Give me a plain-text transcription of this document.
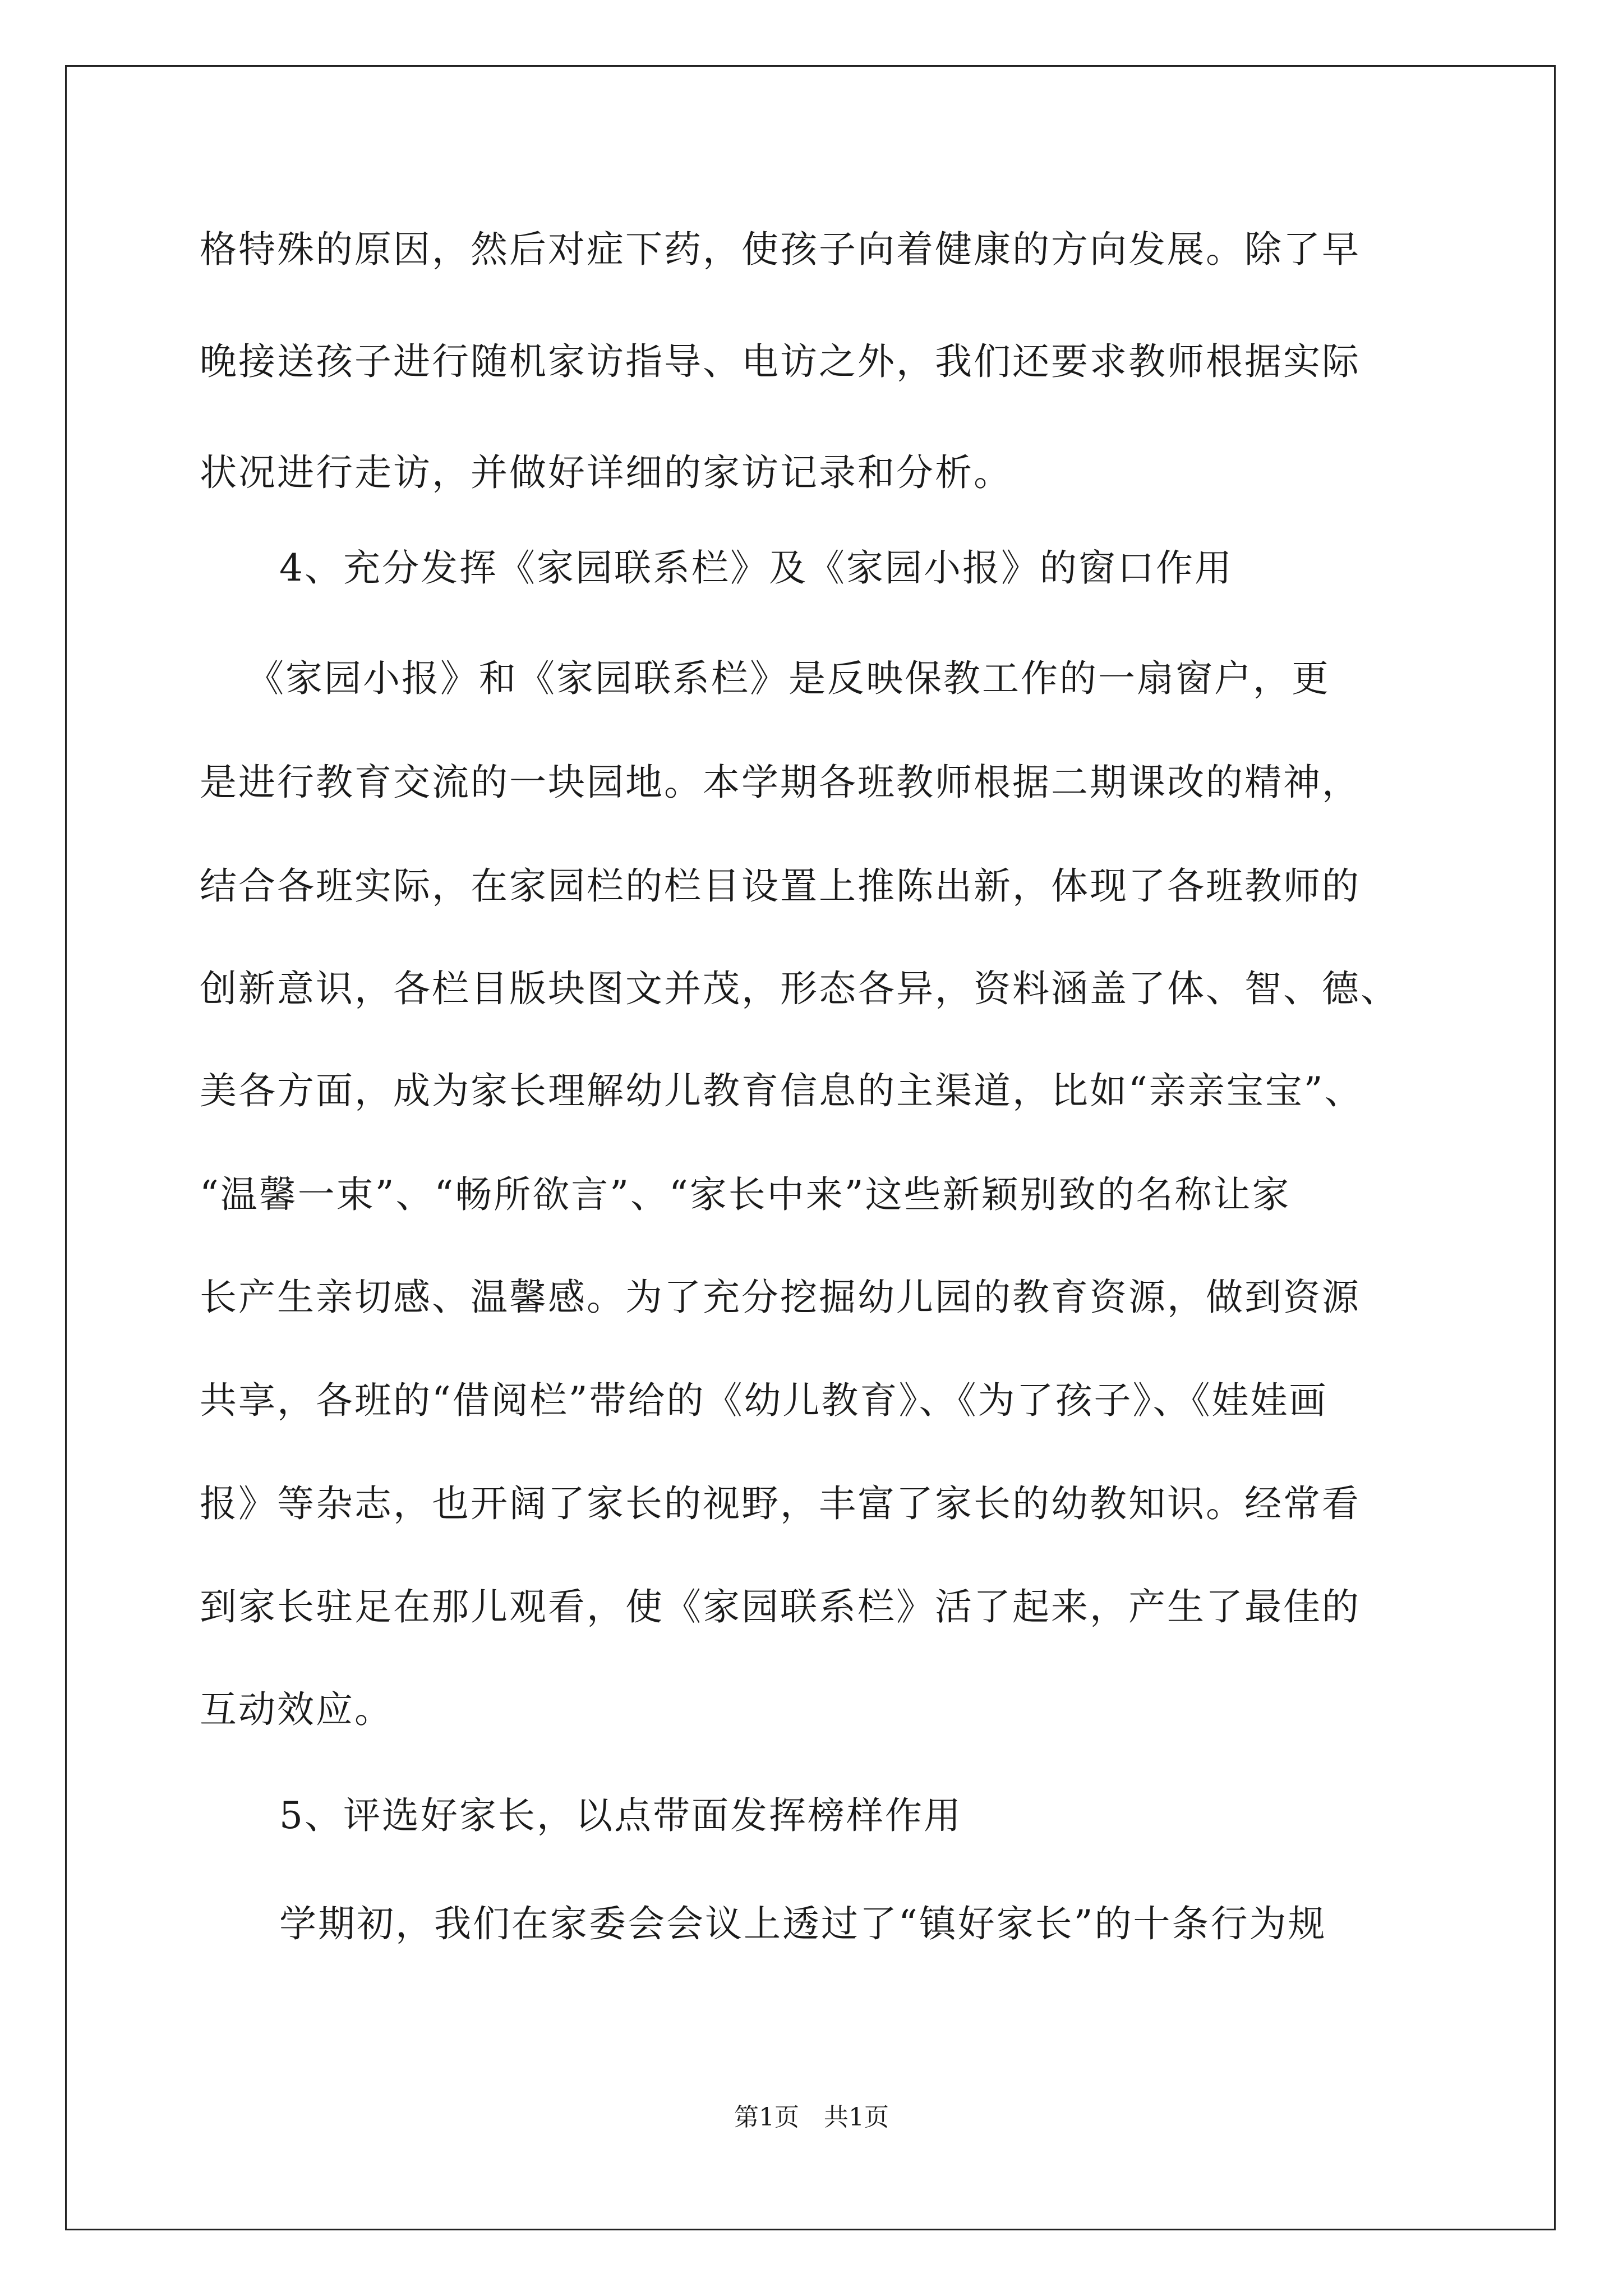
格特殊的原因，然后对症下药，使孩子向着健康的方向发展。除了早
晚接送孩子进行随机家访指导、电访之外，我们还要求教师根据实际
状况进行走访，并做好详细的家访记录和分析。
4、充分发挥《家园联系栏》及《家园小报》的窗口作用
《家园小报》和《家园联系栏》是反映保教工作的一扇窗户，更
是进行教育交流的一块园地。本学期各班教师根据二期课改的精神，
结合各班实际，在家园栏的栏目设置上推陈出新，体现了各班教师的
创新意识，各栏目版块图文并茂，形态各异，资料涵盖了体、智、德、
美各方面，成为家长理解幼儿教育信息的主渠道，比如“亲亲宝宝”、
“温馨一束”、“畅所欲言”、“家长中来”这些新颖别致的名称让家
长产生亲切感、温馨感。为了充分挖掘幼儿园的教育资源，做到资源
共享，各班的“借阅栏”带给的《幼儿教育》、《为了孩子》、《娃娃画
报》等杂志，也开阔了家长的视野，丰富了家长的幼教知识。经常看
到家长驻足在那儿观看，使《家园联系栏》活了起来，产生了最佳的
互动效应。
5、评选好家长，以点带面发挥榜样作用
学期初，我们在家委会会议上透过了“镇好家长”的十条行为规
第1页　共1页
